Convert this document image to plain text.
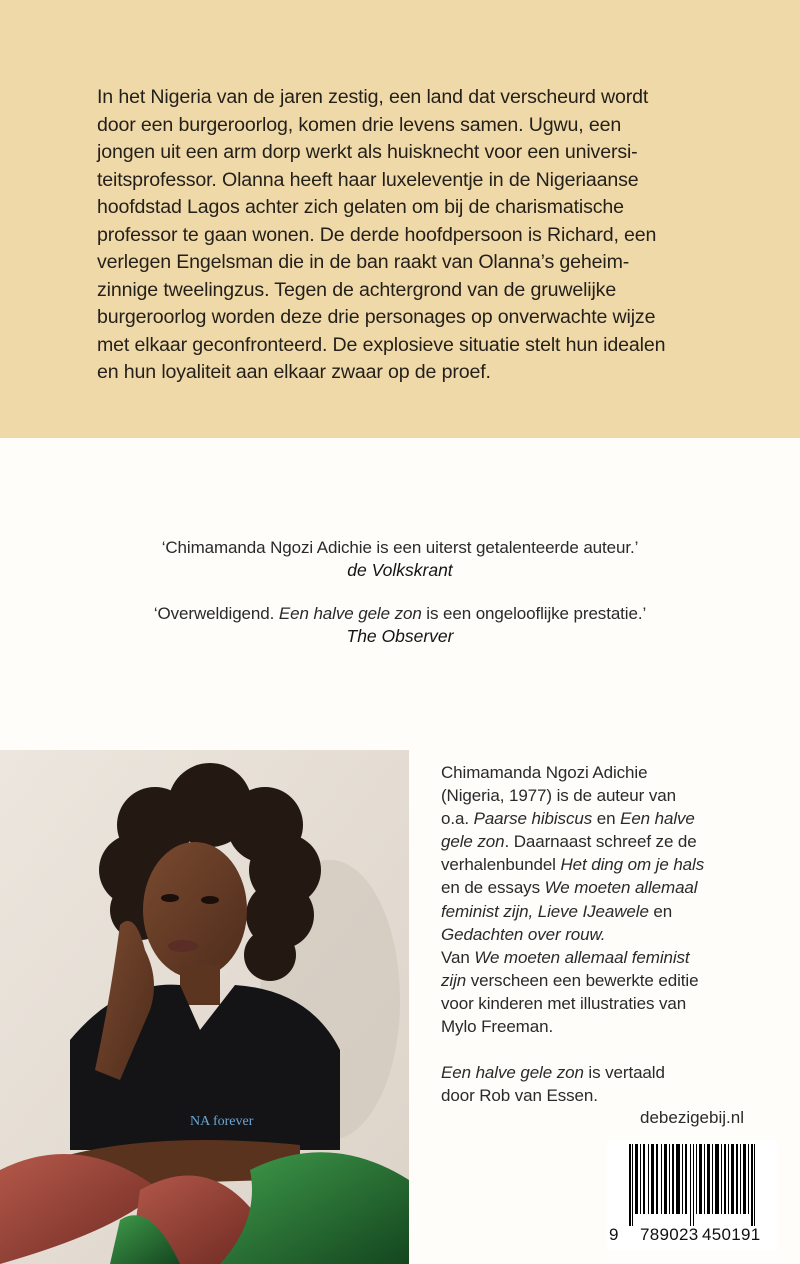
In het Nigeria van de jaren zestig, een land dat verscheurd wordt
door een burgeroorlog, komen drie levens samen. Ugwu, een
jongen uit een arm dorp werkt als huisknecht voor een universi-
teitsprofessor. Olanna heeft haar luxeleventje in de Nigeriaanse
hoofdstad Lagos achter zich gelaten om bij de charismatische
professor te gaan wonen. De derde hoofdpersoon is Richard, een
verlegen Engelsman die in de ban raakt van Olanna’s geheim-
zinnige tweelingzus. Tegen de achtergrond van de gruwelijke
burgeroorlog worden deze drie personages op onverwachte wijze
met elkaar geconfronteerd. De explosieve situatie stelt hun idealen
en hun loyaliteit aan elkaar zwaar op de proef.
‘Chimamanda Ngozi Adichie is een uiterst getalenteerde auteur.’
de Volkskrant
‘Overweldigend. Een halve gele zon is een ongelooflijke prestatie.’
The Observer
NA forever
Chimamanda Ngozi Adichie
(Nigeria, 1977) is de auteur van
o.a. Paarse hibiscus en Een halve
gele zon. Daarnaast schreef ze de
verhalenbundel Het ding om je hals
en de essays We moeten allemaal
feminist zijn, Lieve IJeawele en
Gedachten over rouw.
Van We moeten allemaal feminist
zijn verscheen een bewerkte editie
voor kinderen met illustraties van
Mylo Freeman.
Een halve gele zon is vertaald
door Rob van Essen.
debezigebij.nl
9 789023 450191
